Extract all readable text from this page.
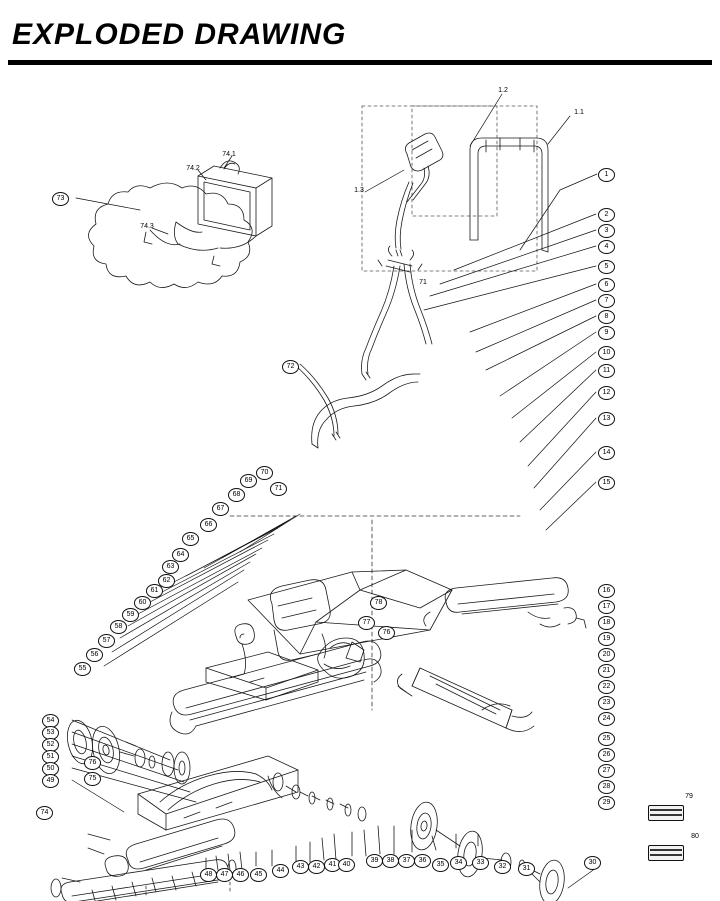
EXPLODED DRAWING
1
2
3
4
5
6
7
8
9
10
11
12
13
14
15
16
17
18
19
20
21
22
23
24
25
26
27
28
29
30
54
53
52
51
50
49
48	47	46	45
44
43	42	41 40
39	38	37	36
35	34	33
32	31
1.1
1.2
1.3
73
74.1
74.2
74.3
72
71
55
56
57
58
59
60
61
62
63
64
65
66
67
68
69
70
71
76
77
78
74
75
76
79
80
